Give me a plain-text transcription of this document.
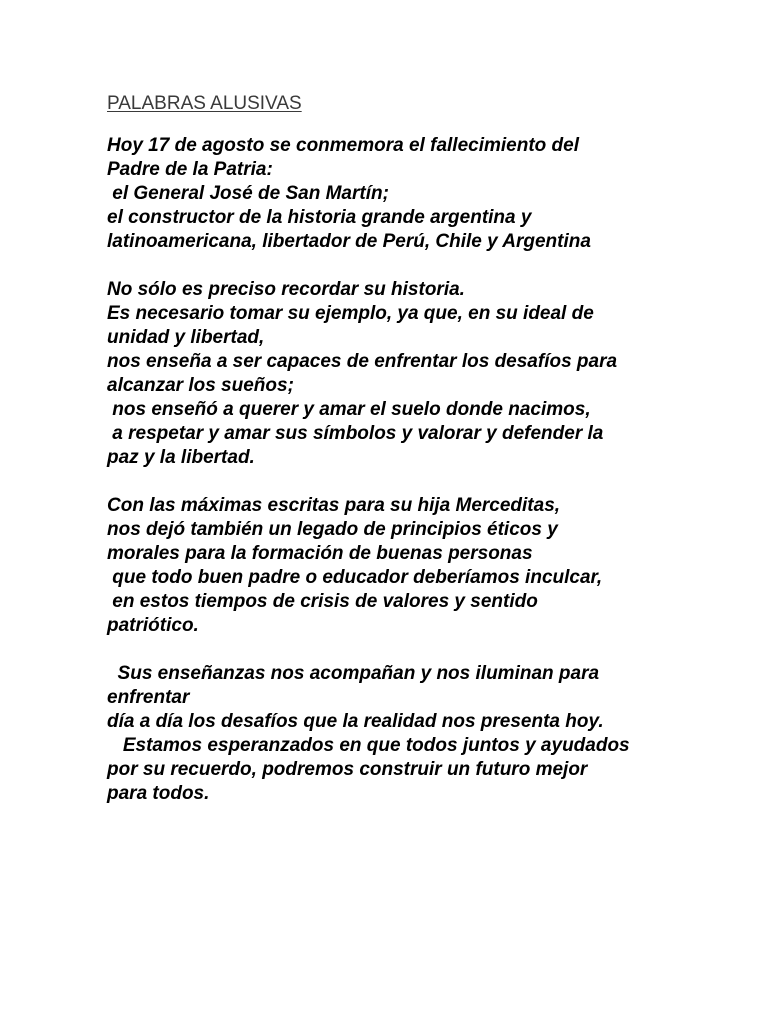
PALABRAS ALUSIVAS

Hoy 17 de agosto se conmemora el fallecimiento del
Padre de la Patria:
el General José de San Martín;
el constructor de la historia grande argentina y
latinoamericana, libertador de Perú, Chile y Argentina

No sólo es preciso recordar su historia.
Es necesario tomar su ejemplo, ya que, en su ideal de
unidad y libertad,
nos enseña a ser capaces de enfrentar los desafíos para
alcanzar los sueños;
nos enseñó a querer y amar el suelo donde nacimos,
a respetar y amar sus símbolos y valorar y defender la
paz y la libertad.

Con las máximas escritas para su hija Merceditas,
nos dejó también un legado de principios éticos y
morales para la formación de buenas personas
que todo buen padre o educador deberíamos inculcar,
en estos tiempos de crisis de valores y sentido
patriótico.

Sus enseñanzas nos acompañan y nos iluminan para
enfrentar
día a día los desafíos que la realidad nos presenta hoy.
Estamos esperanzados en que todos juntos y ayudados
por su recuerdo, podremos construir un futuro mejor
para todos.
